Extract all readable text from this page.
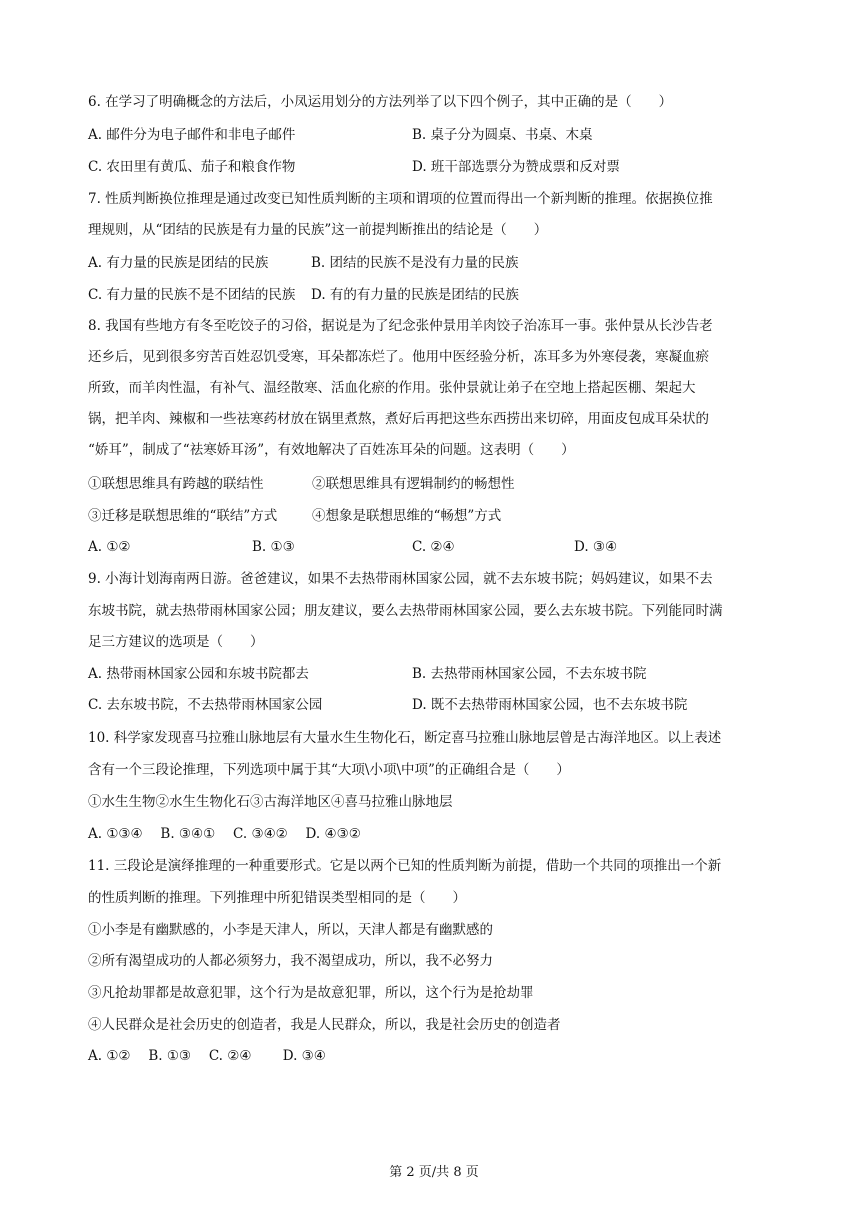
6. 在学习了明确概念的方法后，小凤运用划分的方法列举了以下四个例子，其中正确的是（　　）
A. 邮件分为电子邮件和非电子邮件	B. 桌子分为圆桌、书桌、木桌
C. 农田里有黄瓜、茄子和粮食作物	D. 班干部选票分为赞成票和反对票
7. 性质判断换位推理是通过改变已知性质判断的主项和谓项的位置而得出一个新判断的推理。依据换位推
理规则，从“团结的民族是有力量的民族”这一前提判断推出的结论是（　　）
A. 有力量的民族是团结的民族	B. 团结的民族不是没有力量的民族
C. 有力量的民族不是不团结的民族 D. 有的有力量的民族是团结的民族
8. 我国有些地方有冬至吃饺子的习俗，据说是为了纪念张仲景用羊肉饺子治冻耳一事。张仲景从长沙告老
还乡后，见到很多穷苦百姓忍饥受寒，耳朵都冻烂了。他用中医经验分析，冻耳多为外寒侵袭，寒凝血瘀
所致，而羊肉性温，有补气、温经散寒、活血化瘀的作用。张仲景就让弟子在空地上搭起医棚、架起大
锅，把羊肉、辣椒和一些祛寒药材放在锅里煮熬，煮好后再把这些东西捞出来切碎，用面皮包成耳朵状的
“娇耳”，制成了“祛寒娇耳汤”，有效地解决了百姓冻耳朵的问题。这表明（　　）
①联想思维具有跨越的联结性	②联想思维具有逻辑制约的畅想性
③迁移是联想思维的“联结”方式	④想象是联想思维的“畅想”方式
A. ①②	B. ①③	C. ②④	D. ③④
9. 小海计划海南两日游。爸爸建议，如果不去热带雨林国家公园，就不去东坡书院；妈妈建议，如果不去
东坡书院，就去热带雨林国家公园；朋友建议，要么去热带雨林国家公园，要么去东坡书院。下列能同时满
足三方建议的选项是（　　）
A. 热带雨林国家公园和东坡书院都去	B. 去热带雨林国家公园，不去东坡书院
C. 去东坡书院，不去热带雨林国家公园	D. 既不去热带雨林国家公园，也不去东坡书院
10. 科学家发现喜马拉雅山脉地层有大量水生生物化石，断定喜马拉雅山脉地层曾是古海洋地区。以上表述
含有一个三段论推理，下列选项中属于其“大项\小项\中项”的正确组合是（　　）
①水生生物②水生生物化石③古海洋地区④喜马拉雅山脉地层
A. ①③④　 B. ③④①　 C. ③④②　 D. ④③②
11. 三段论是演绎推理的一种重要形式。它是以两个已知的性质判断为前提，借助一个共同的项推出一个新
的性质判断的推理。下列推理中所犯错误类型相同的是（　　）
①小李是有幽默感的，小李是天津人，所以，天津人都是有幽默感的
②所有渴望成功的人都必须努力，我不渴望成功，所以，我不必努力
③凡抢劫罪都是故意犯罪，这个行为是故意犯罪，所以，这个行为是抢劫罪
④人民群众是社会历史的创造者，我是人民群众，所以，我是社会历史的创造者
A. ①②　 B. ①③　 C. ②④　　 D. ③④
第 2 页/共 8 页
